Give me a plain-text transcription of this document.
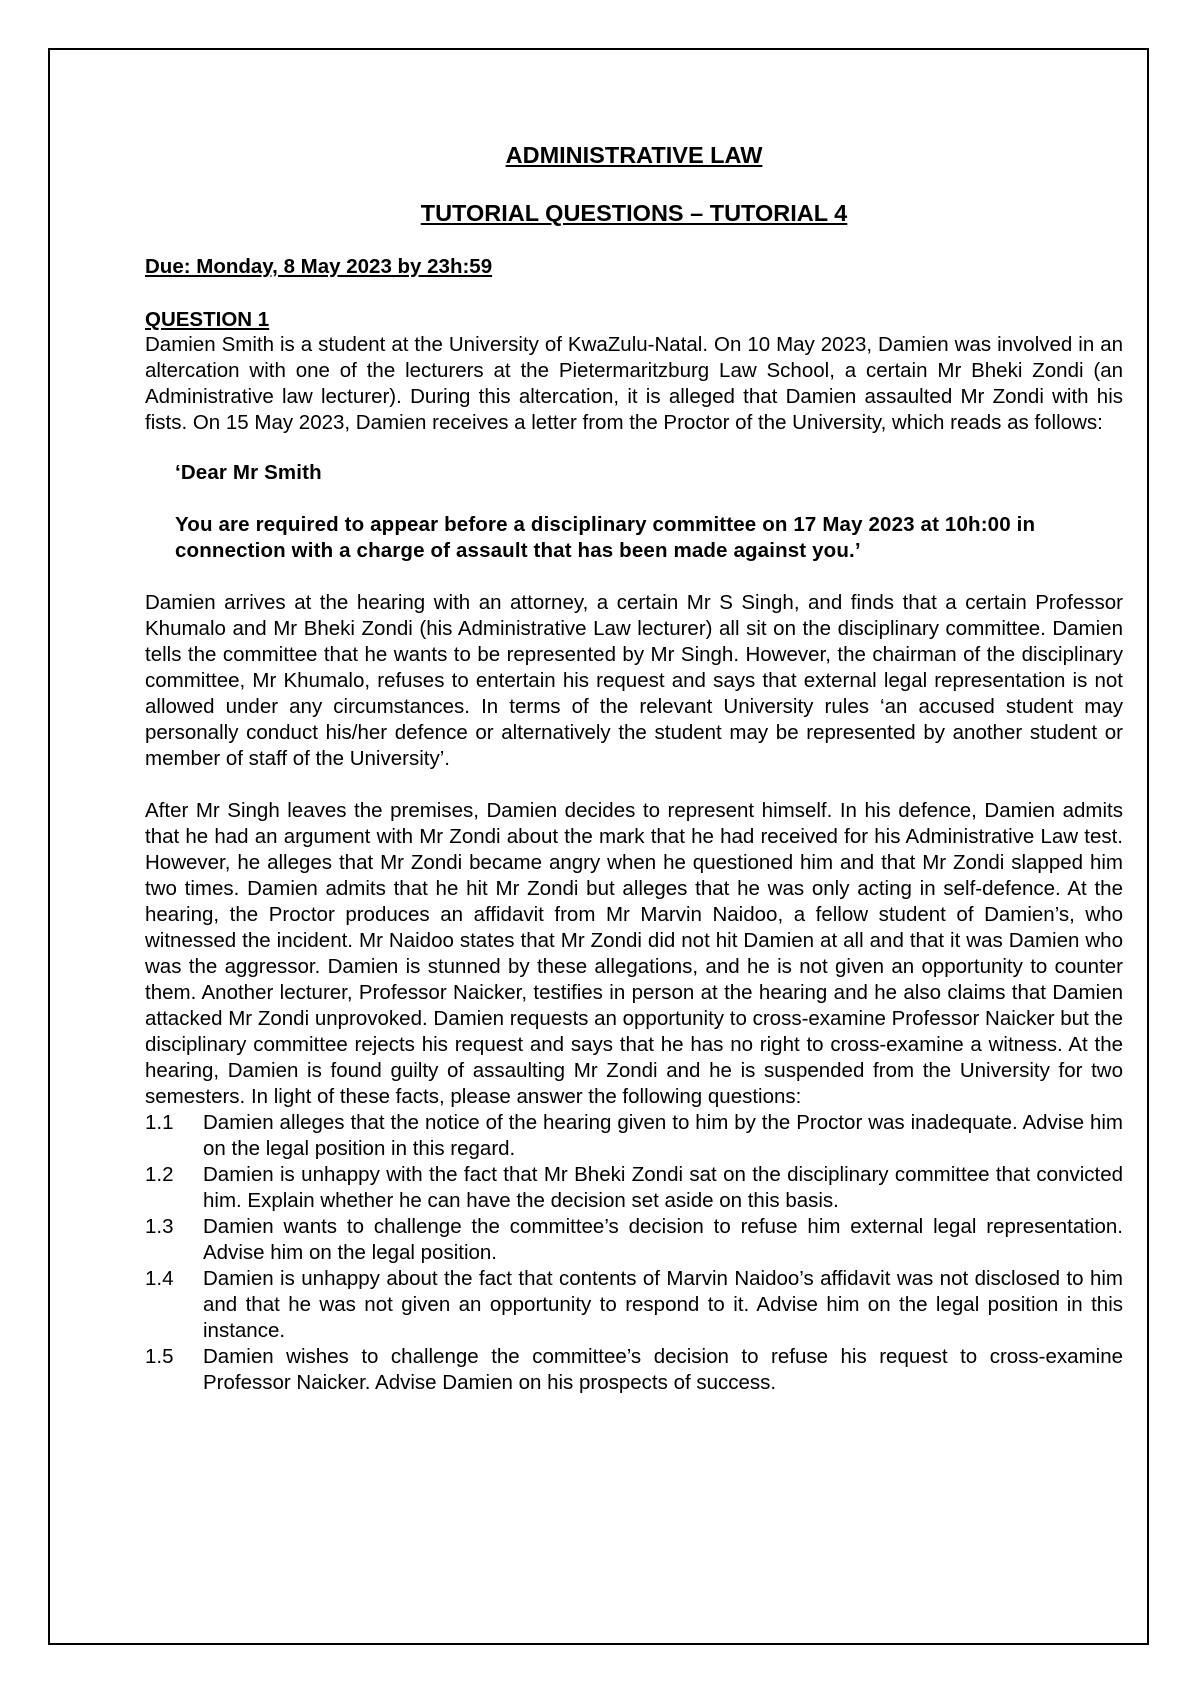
ADMINISTRATIVE LAW
TUTORIAL QUESTIONS – TUTORIAL 4
Due: Monday, 8 May 2023 by 23h:59
QUESTION 1

Damien Smith is a student at the University of KwaZulu-Natal. On 10 May 2023, Damien was involved in an altercation with one of the lecturers at the Pietermaritzburg Law School, a certain Mr Bheki Zondi (an Administrative law lecturer). During this altercation, it is alleged that Damien assaulted Mr Zondi with his fists. On 15 May 2023, Damien receives a letter from the Proctor of the University, which reads as follows:

‘Dear Mr Smith
You are required to appear before a disciplinary committee on 17 May 2023 at 10h:00 in connection with a charge of assault that has been made against you.’

Damien arrives at the hearing with an attorney, a certain Mr S Singh, and finds that a certain Professor Khumalo and Mr Bheki Zondi (his Administrative Law lecturer) all sit on the disciplinary committee. Damien tells the committee that he wants to be represented by Mr Singh. However, the chairman of the disciplinary committee, Mr Khumalo, refuses to entertain his request and says that external legal representation is not allowed under any circumstances. In terms of the relevant University rules ‘an accused student may personally conduct his/her defence or alternatively the student may be represented by another student or member of staff of the University’.

After Mr Singh leaves the premises, Damien decides to represent himself. In his defence, Damien admits that he had an argument with Mr Zondi about the mark that he had received for his Administrative Law test. However, he alleges that Mr Zondi became angry when he questioned him and that Mr Zondi slapped him two times. Damien admits that he hit Mr Zondi but alleges that he was only acting in self-defence. At the hearing, the Proctor produces an affidavit from Mr Marvin Naidoo, a fellow student of Damien’s, who witnessed the incident. Mr Naidoo states that Mr Zondi did not hit Damien at all and that it was Damien who was the aggressor. Damien is stunned by these allegations, and he is not given an opportunity to counter them. Another lecturer, Professor Naicker, testifies in person at the hearing and he also claims that Damien attacked Mr Zondi unprovoked. Damien requests an opportunity to cross-examine Professor Naicker but the disciplinary committee rejects his request and says that he has no right to cross-examine a witness. At the hearing, Damien is found guilty of assaulting Mr Zondi and he is suspended from the University for two semesters. In light of these facts, please answer the following questions:

1.1	Damien alleges that the notice of the hearing given to him by the Proctor was inadequate. Advise him on the legal position in this regard.
1.2	Damien is unhappy with the fact that Mr Bheki Zondi sat on the disciplinary committee that convicted him. Explain whether he can have the decision set aside on this basis.
1.3	Damien wants to challenge the committee’s decision to refuse him external legal representation. Advise him on the legal position.
1.4	Damien is unhappy about the fact that contents of Marvin Naidoo’s affidavit was not disclosed to him and that he was not given an opportunity to respond to it. Advise him on the legal position in this instance.
1.5	Damien wishes to challenge the committee’s decision to refuse his request to cross-examine Professor Naicker. Advise Damien on his prospects of success.
